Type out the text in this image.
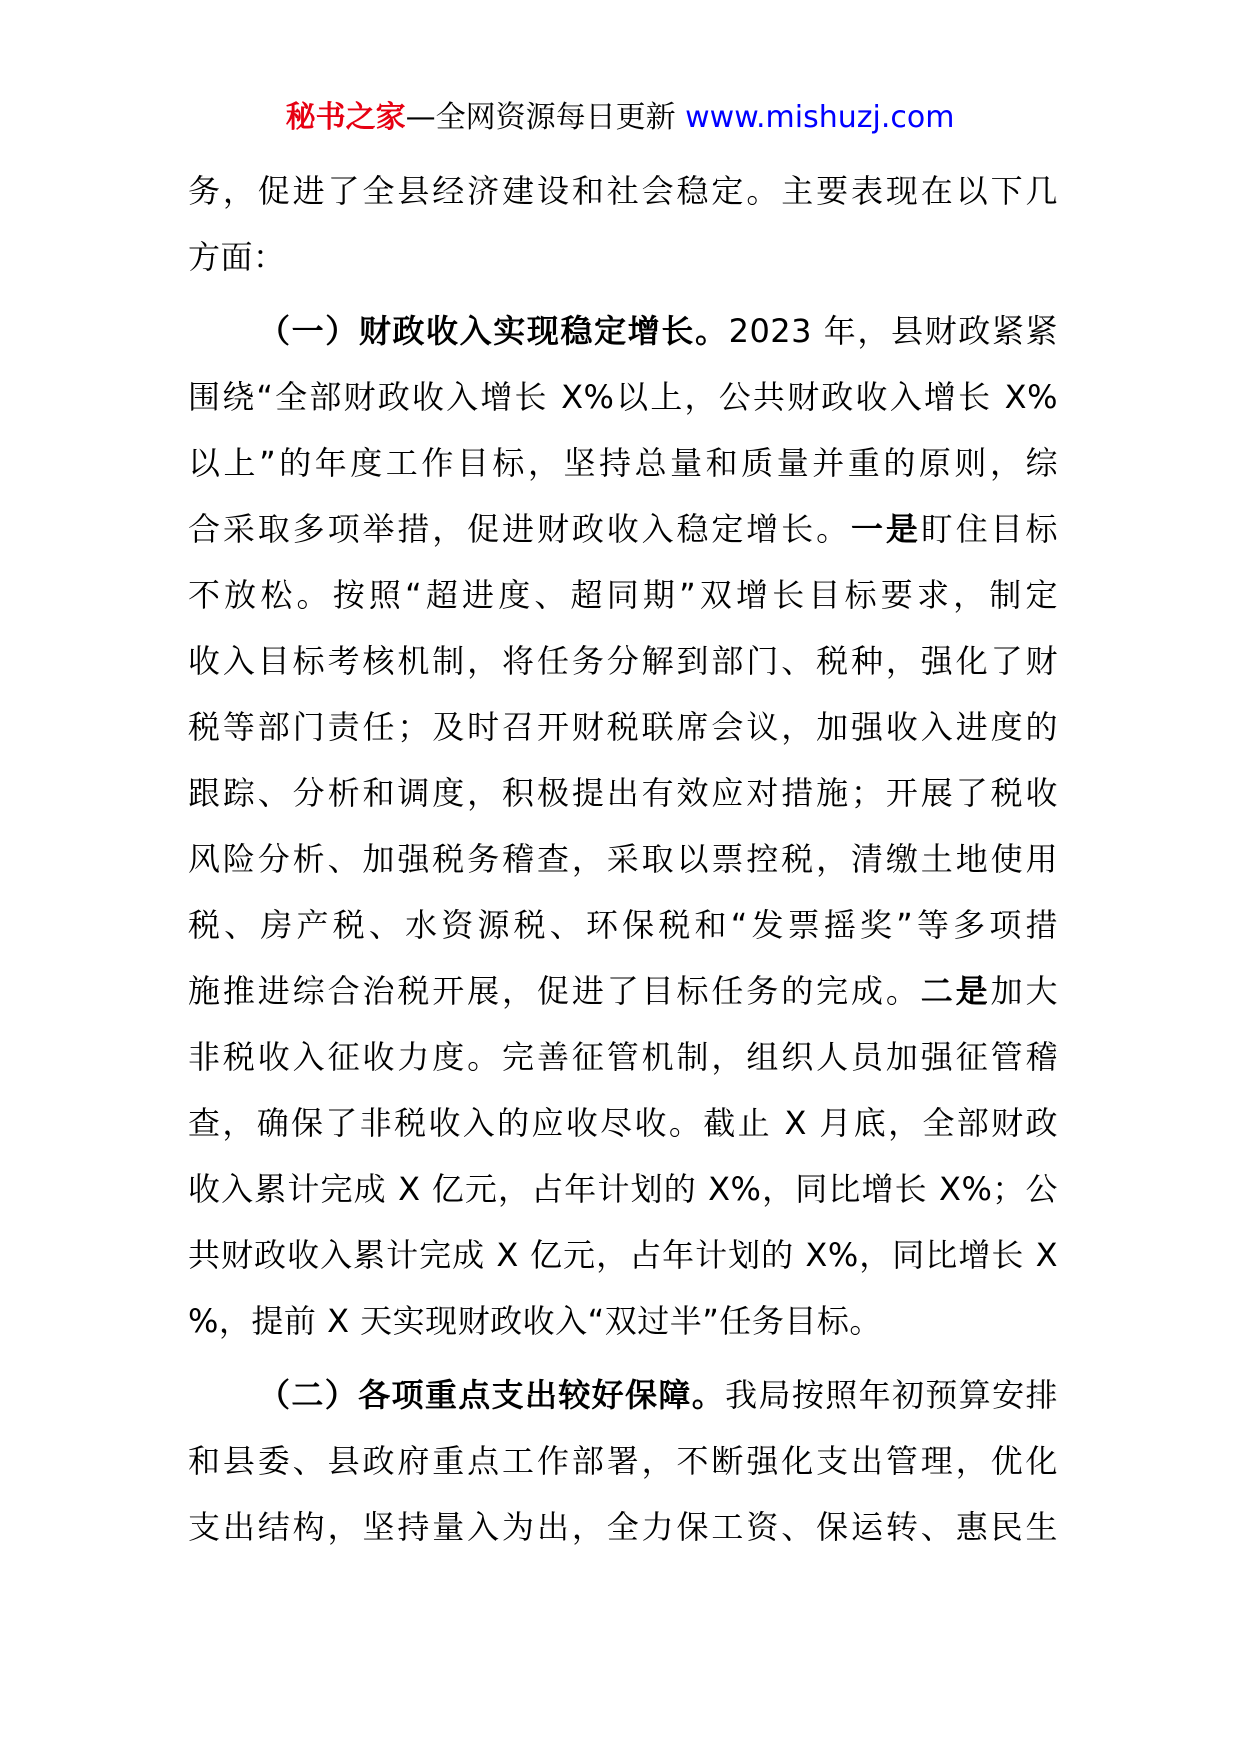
秘书之家—全网资源每日更新 www.mishuzj.com
务，促进了全县经济建设和社会稳定。主要表现在以下几
方面：
（一）财政收入实现稳定增长。2023 年，县财政紧紧
围绕“全部财政收入增长 X%以上，公共财政收入增长 X%
以上”的年度工作目标，坚持总量和质量并重的原则，综
合采取多项举措，促进财政收入稳定增长。一是盯住目标
不放松。按照“超进度、超同期”双增长目标要求，制定
收入目标考核机制，将任务分解到部门、税种，强化了财
税等部门责任；及时召开财税联席会议，加强收入进度的
跟踪、分析和调度，积极提出有效应对措施；开展了税收
风险分析、加强税务稽查，采取以票控税，清缴土地使用
税、房产税、水资源税、环保税和“发票摇奖”等多项措
施推进综合治税开展，促进了目标任务的完成。二是加大
非税收入征收力度。完善征管机制，组织人员加强征管稽
查，确保了非税收入的应收尽收。截止 X 月底，全部财政
收入累计完成 X 亿元，占年计划的 X%，同比增长 X%；公
共财政收入累计完成 X 亿元，占年计划的 X%，同比增长 X
%，提前 X 天实现财政收入“双过半”任务目标。
（二）各项重点支出较好保障。我局按照年初预算安排
和县委、县政府重点工作部署，不断强化支出管理，优化
支出结构，坚持量入为出，全力保工资、保运转、惠民生
